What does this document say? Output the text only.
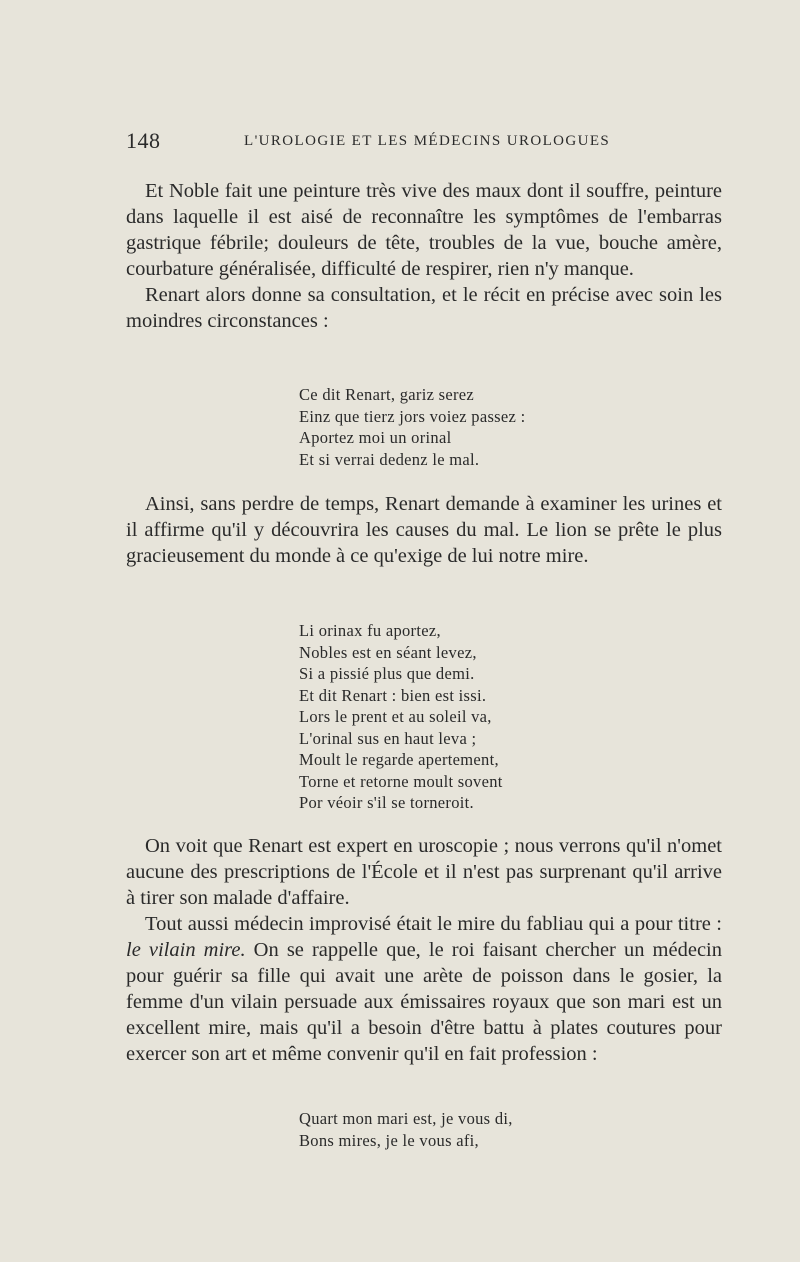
148	L'UROLOGIE ET LES MÉDECINS UROLOGUES

Et Noble fait une peinture très vive des maux dont il souffre, peinture dans laquelle il est aisé de reconnaître les symptômes de l'embarras gastrique fébrile; douleurs de tête, troubles de la vue, bouche amère, courbature généralisée, difficulté de respirer, rien n'y manque.

Renart alors donne sa consultation, et le récit en précise avec soin les moindres circonstances :

Ce dit Renart, gariz serez
Einz que tierz jors voiez passez :
Aportez moi un orinal
Et si verrai dedenz le mal.

Ainsi, sans perdre de temps, Renart demande à examiner les urines et il affirme qu'il y découvrira les causes du mal. Le lion se prête le plus gracieusement du monde à ce qu'exige de lui notre mire.

Li orinax fu aportez,
Nobles est en séant levez,
Si a pissié plus que demi.
Et dit Renart : bien est issi.
Lors le prent et au soleil va,
L'orinal sus en haut leva ;
Moult le regarde apertement,
Torne et retorne moult sovent
Por véoir s'il se torneroit.

On voit que Renart est expert en uroscopie ; nous verrons qu'il n'omet aucune des prescriptions de l'École et il n'est pas surprenant qu'il arrive à tirer son malade d'affaire.

Tout aussi médecin improvisé était le mire du fabliau qui a pour titre : le vilain mire. On se rappelle que, le roi faisant chercher un médecin pour guérir sa fille qui avait une arète de poisson dans le gosier, la femme d'un vilain persuade aux émissaires royaux que son mari est un excellent mire, mais qu'il a besoin d'être battu à plates coutures pour exercer son art et même convenir qu'il en fait profession :

Quart mon mari est, je vous di,
Bons mires, je le vous afi,
